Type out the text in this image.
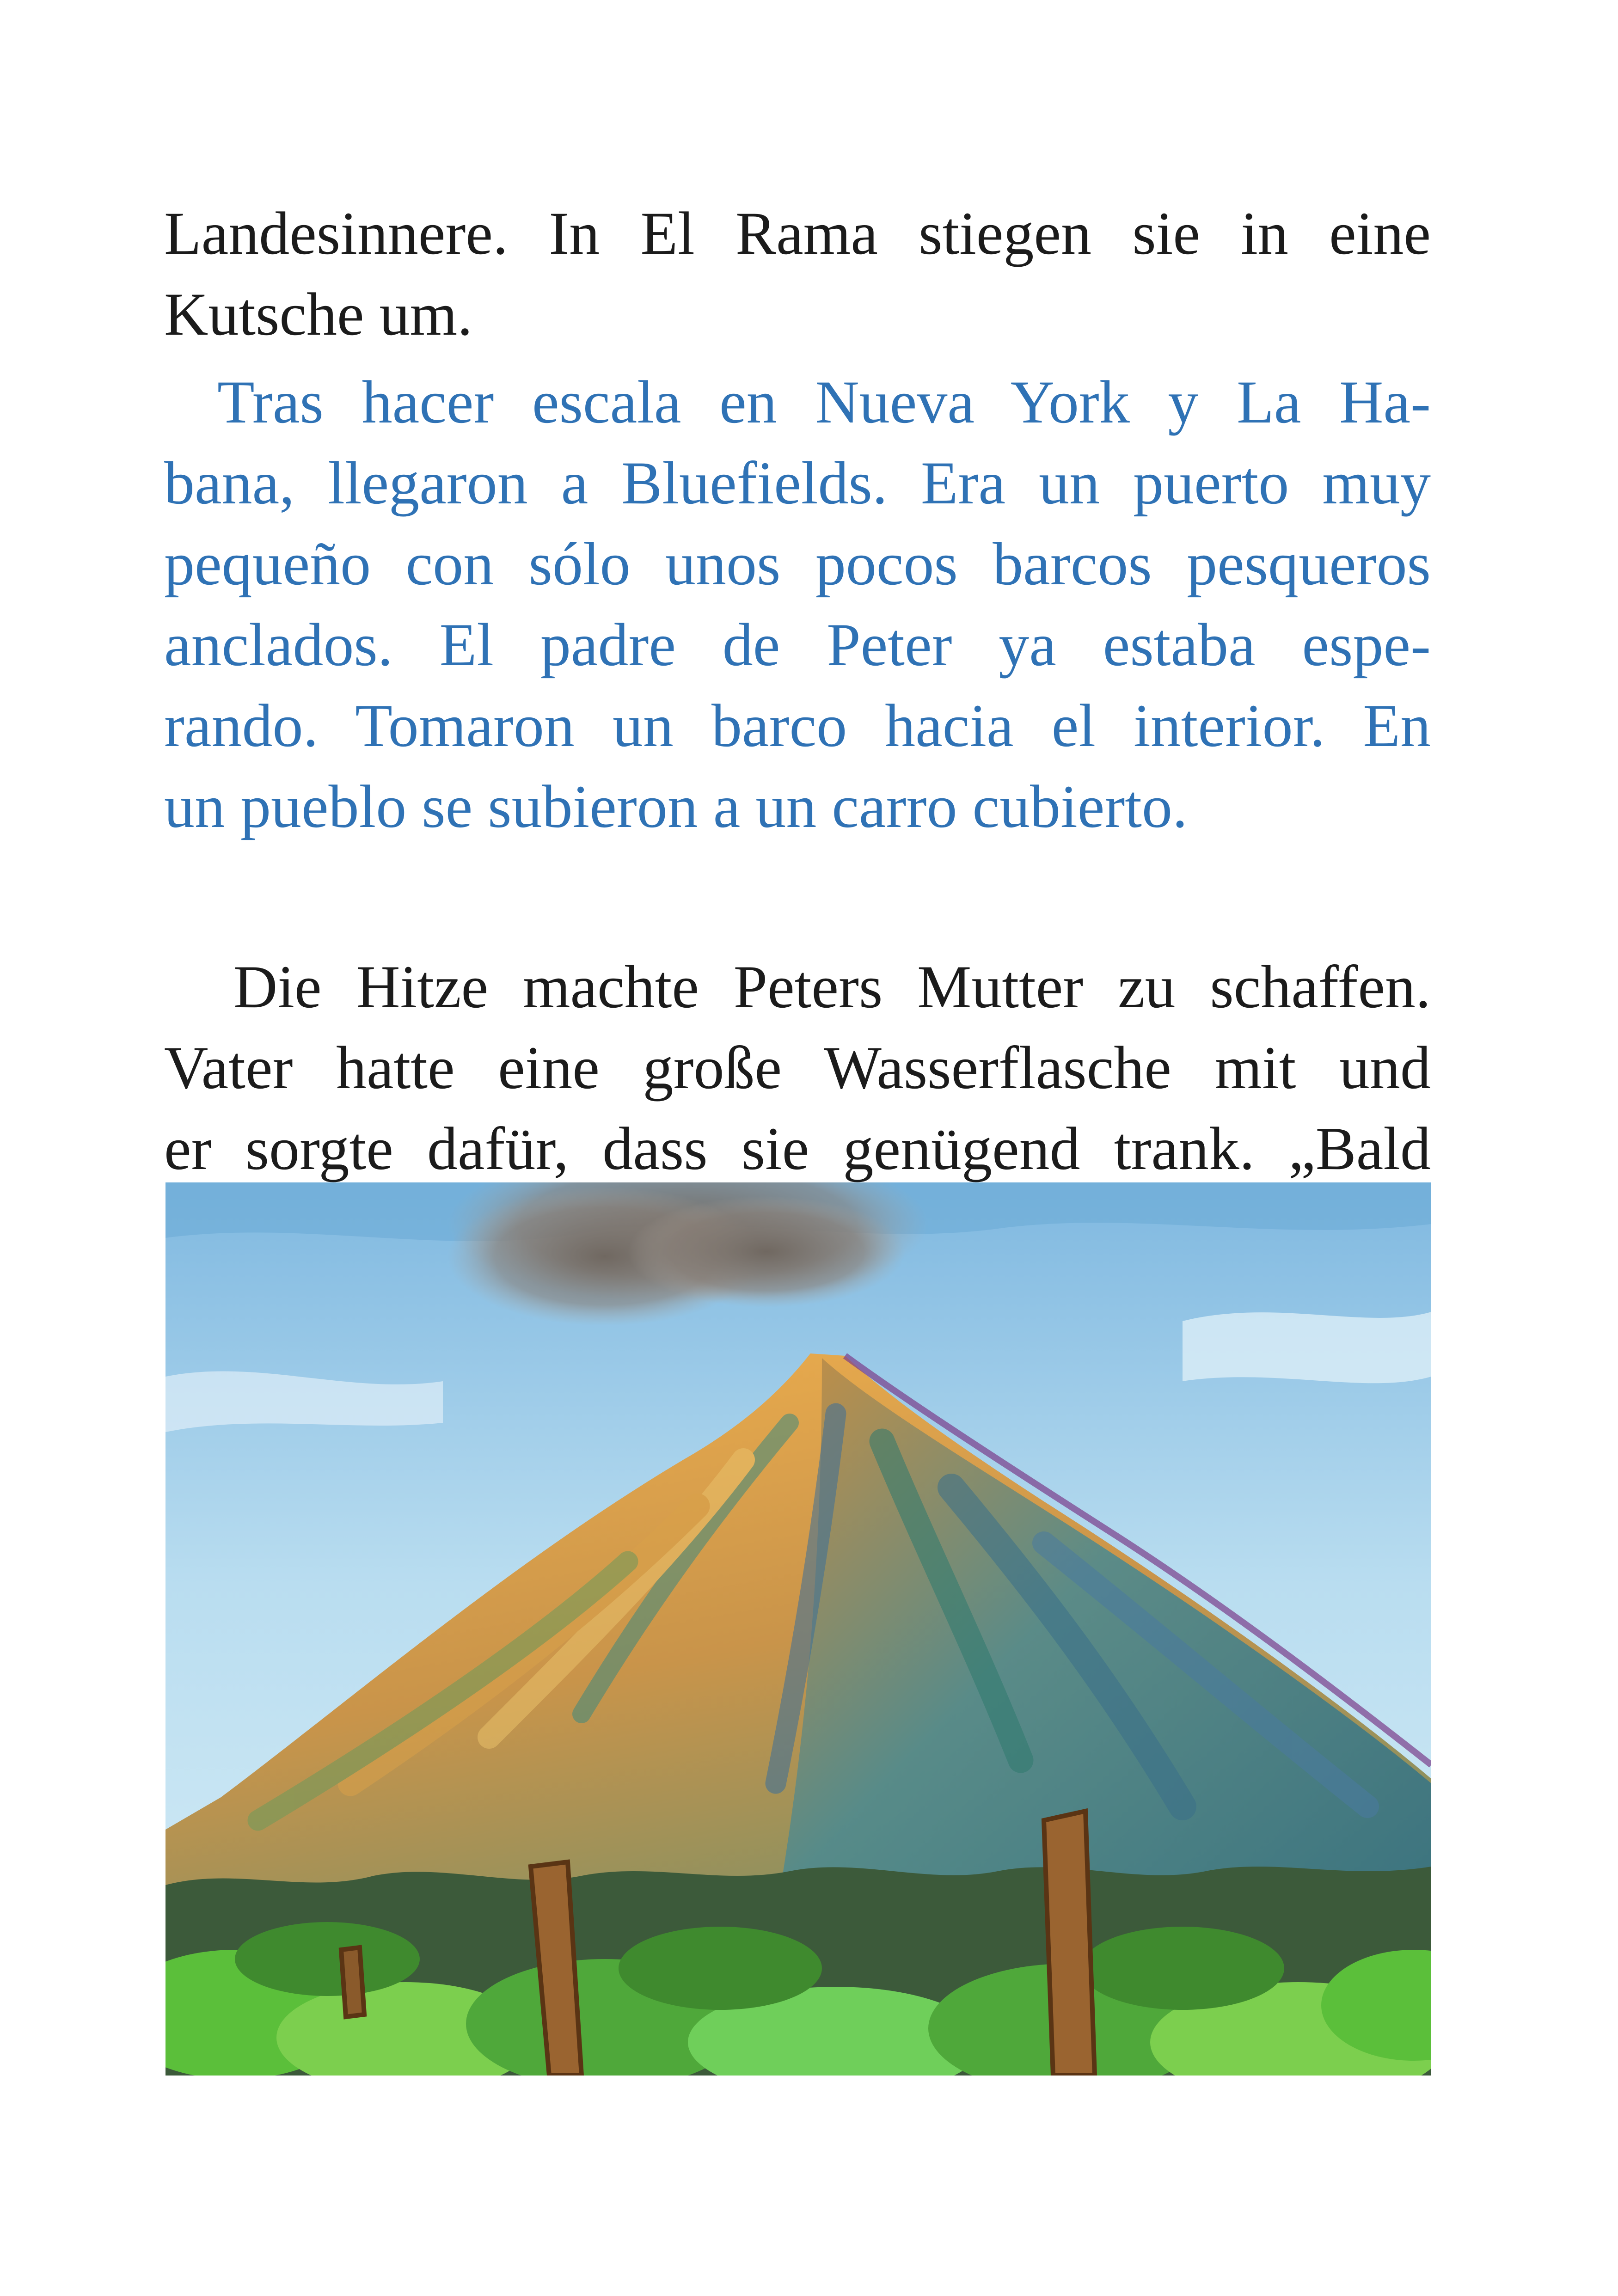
Landesinnere. In El Rama stiegen sie in eine
Kutsche um.
Tras hacer escala en Nueva York y La Ha-
bana, llegaron a Bluefields. Era un puerto muy
pequeño con sólo unos pocos barcos pesqueros
anclados. El padre de Peter ya estaba espe-
rando. Tomaron un barco hacia el interior. En
un pueblo se subieron a un carro cubierto.
Die Hitze machte Peters Mutter zu schaffen.
Vater hatte eine große Wasserflasche mit und
er sorgte dafür, dass sie genügend trank. „Bald
